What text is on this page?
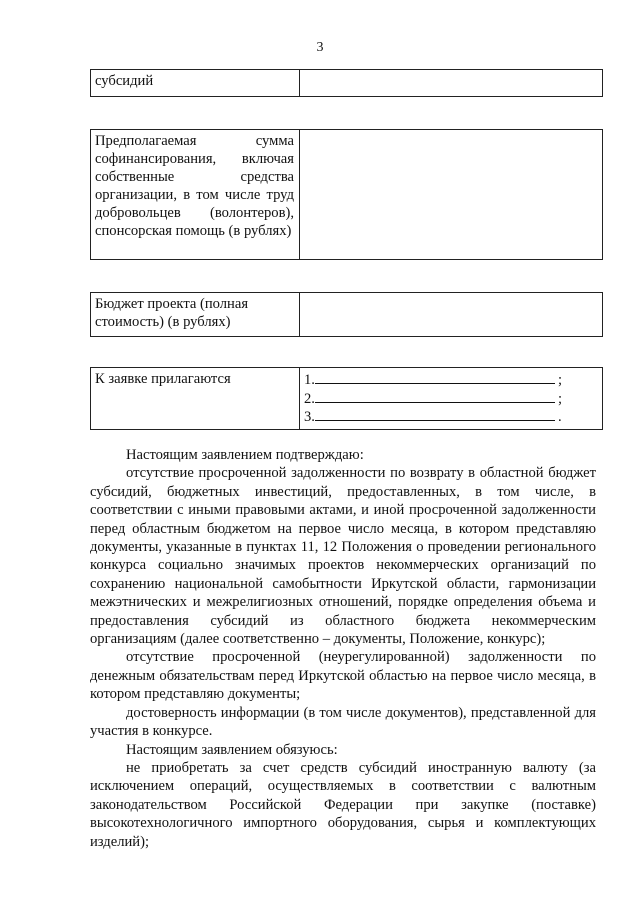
3
субсидий	
Предполагаемая сумма софинансирования, включая собственные средства организации, в том числе труд добровольцев (волонтеров), спонсорская помощь (в рублях)	
Бюджет проекта (полная стоимость) (в рублях)	
К заявке прилагаются	1.	;
2.	;
3.	.

Настоящим заявлением подтверждаю:

отсутствие просроченной задолженности по возврату в областной бюджет субсидий, бюджетных инвестиций, предоставленных, в том числе, в соответствии с иными правовыми актами, и иной просроченной задолженности перед областным бюджетом на первое число месяца, в котором представляю документы, указанные в пунктах 11, 12 Положения о проведении регионального конкурса социально значимых проектов некоммерческих организаций по сохранению национальной самобытности Иркутской области, гармонизации межэтнических и межрелигиозных отношений, порядке определения объема и предоставления субсидий из областного бюджета некоммерческим организациям (далее соответственно – документы, Положение, конкурс);

отсутствие просроченной (неурегулированной) задолженности по денежным обязательствам перед Иркутской областью на первое число месяца, в котором представляю документы;

достоверность информации (в том числе документов), представленной для участия в конкурсе.

Настоящим заявлением обязуюсь:

не приобретать за счет средств субсидий иностранную валюту (за исключением операций, осуществляемых в соответствии с валютным законодательством Российской Федерации при закупке (поставке) высокотехнологичного импортного оборудования, сырья и комплектующих изделий);
